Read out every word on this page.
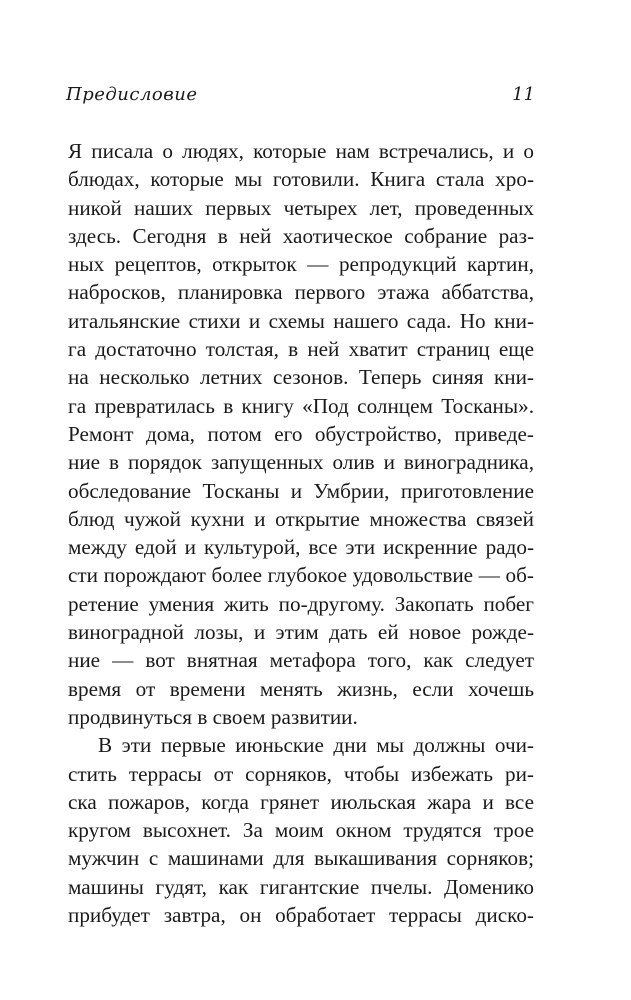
Предисловие	11
Я писала о людях, которые нам встречались, и о
блюдах, которые мы готовили. Книга стала хро-
никой наших первых четырех лет, проведенных
здесь. Сегодня в ней хаотическое собрание раз-
ных рецептов, открыток — репродукций картин,
набросков, планировка первого этажа аббатства,
итальянские стихи и схемы нашего сада. Но кни-
га достаточно толстая, в ней хватит страниц еще
на несколько летних сезонов. Теперь синяя кни-
га превратилась в книгу «Под солнцем Тосканы».
Ремонт дома, потом его обустройство, приведе-
ние в порядок запущенных олив и виноградника,
обследование Тосканы и Умбрии, приготовление
блюд чужой кухни и открытие множества связей
между едой и культурой, все эти искренние радо-
сти порождают более глубокое удовольствие — об-
ретение умения жить по-другому. Закопать побег
виноградной лозы, и этим дать ей новое рожде-
ние — вот внятная метафора того, как следует
время от времени менять жизнь, если хочешь
продвинуться в своем развитии.
В эти первые июньские дни мы должны очи-
стить террасы от сорняков, чтобы избежать ри-
ска пожаров, когда грянет июльская жара и все
кругом высохнет. За моим окном трудятся трое
мужчин с машинами для выкашивания сорняков;
машины гудят, как гигантские пчелы. Доменико
прибудет завтра, он обработает террасы диско-
